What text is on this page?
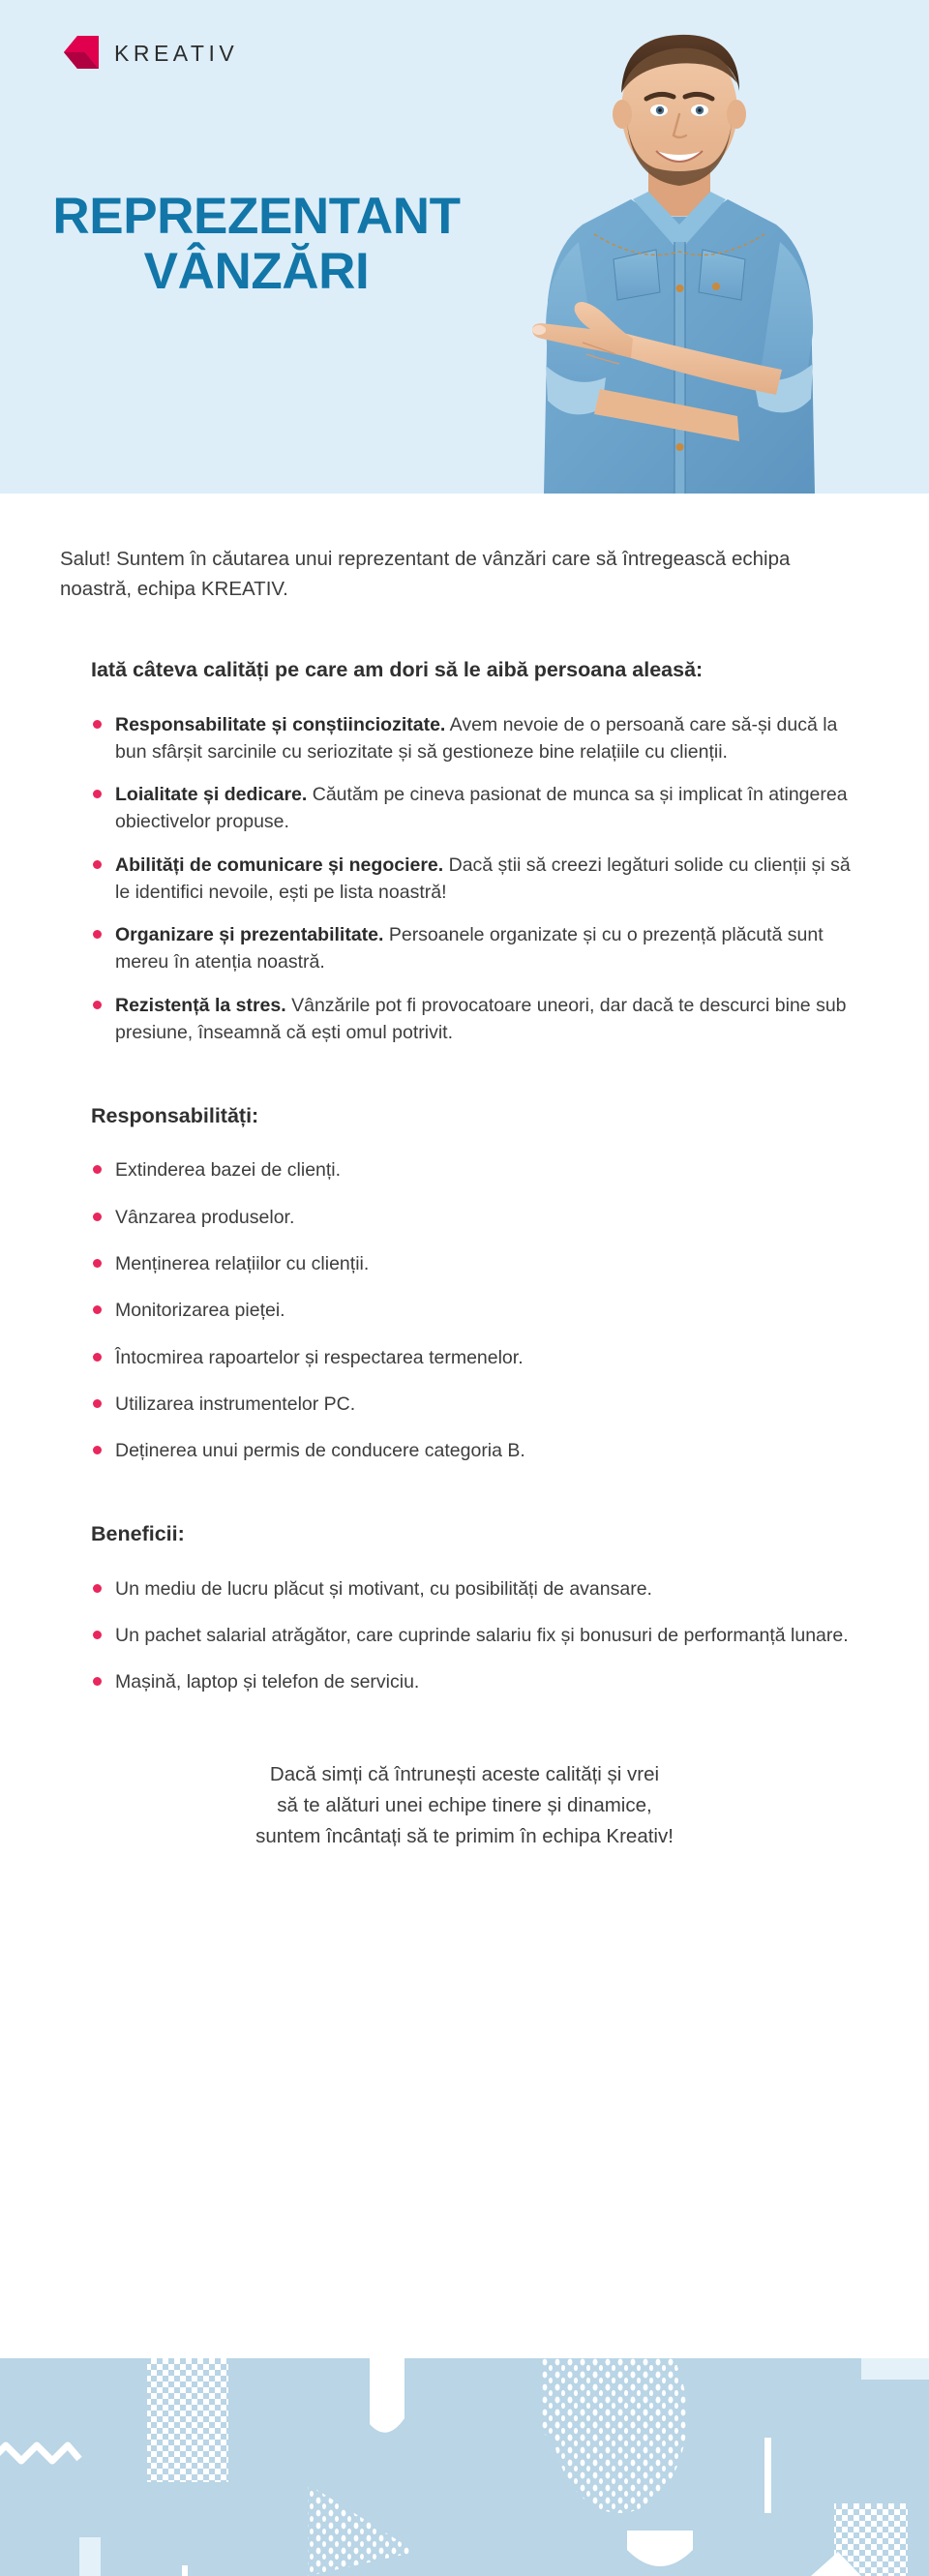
KREATIV
REPREZENTANT
VÂNZĂRI

Salut! Suntem în căutarea unui reprezentant de vânzări care să întregească echipa noastră, echipa KREATIV.

Iată câteva calități pe care am dori să le aibă persoana aleasă:
Responsabilitate și conștiinciozitate. Avem nevoie de o persoană care să-și ducă la bun sfârșit sarcinile cu seriozitate și să gestioneze bine relațiile cu clienții.
Loialitate și dedicare. Căutăm pe cineva pasionat de munca sa și implicat în atingerea obiectivelor propuse.
Abilități de comunicare și negociere. Dacă știi să creezi legături solide cu clienții și să le identifici nevoile, ești pe lista noastră!
Organizare și prezentabilitate. Persoanele organizate și cu o prezență plăcută sunt mereu în atenția noastră.
Rezistență la stres. Vânzările pot fi provocatoare uneori, dar dacă te descurci bine sub presiune, înseamnă că ești omul potrivit.
Responsabilități:
Extinderea bazei de clienți.
Vânzarea produselor.
Menținerea relațiilor cu clienții.
Monitorizarea pieței.
Întocmirea rapoartelor și respectarea termenelor.
Utilizarea instrumentelor PC.
Deținerea unui permis de conducere categoria B.
Beneficii:
Un mediu de lucru plăcut și motivant, cu posibilități de avansare.
Un pachet salarial atrăgător, care cuprinde salariu fix și bonusuri de performanță lunare.
Mașină, laptop și telefon de serviciu.
Dacă simți că întrunești aceste calități și vrei
să te alături unei echipe tinere și dinamice,
suntem încântați să te primim în echipa Kreativ!
